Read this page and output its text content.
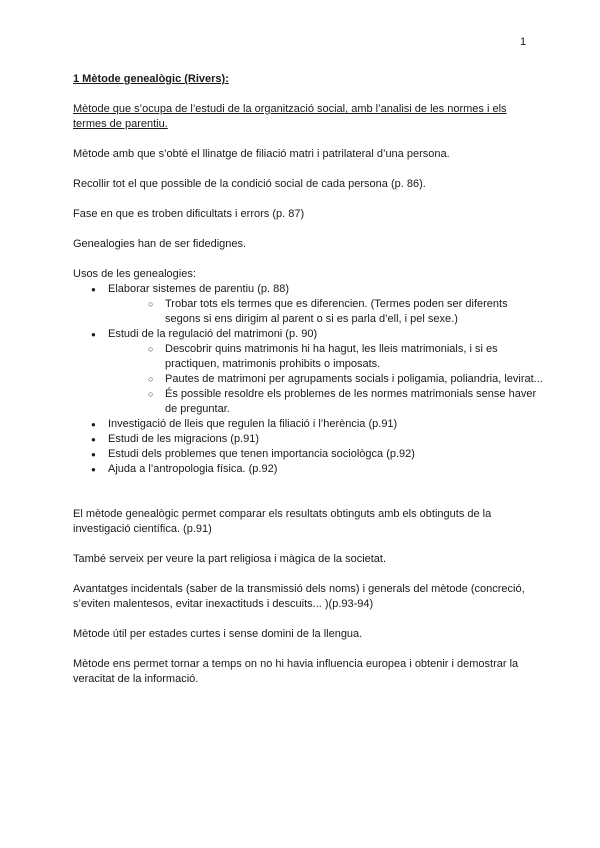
1

1 Mètode genealògic (Rivers):

Mètode que s’ocupa de l’estudi de la organització social, amb l’analisi de les normes i els termes de parentiu.

Mètode amb que s’obté el llinatge de filiació matri i patrilateral d’una persona.

Recollir tot el que possible de la condició social de cada persona (p. 86).

Fase en que es troben dificultats i errors (p. 87)

Genealogies han de ser fidedignes.

Usos de les genealogies:

● Elaborar sistemes de parentiu (p. 88)
○ Trobar tots els termes que es diferencien. (Termes poden ser diferents segons si ens dirigim al parent o si es parla d’ell, i pel sexe.)
● Estudi de la regulació del matrimoni (p. 90)
○ Descobrir quins matrimonis hi ha hagut, les lleis matrimonials, i si es practiquen, matrimonis prohibits o imposats.
○ Pautes de matrimoni per agrupaments socials i poligamia, poliandria, levirat...
○ És possible resoldre els problemes de les normes matrimonials sense haver de preguntar.
● Investigació de lleis que regulen la filiació i l’herència (p.91)
● Estudi de les migracions (p.91)
● Estudi dels problemes que tenen importancia sociològca (p.92)
● Ajuda a l’antropologia física. (p.92)

El mètode genealògic permet comparar els resultats obtinguts amb els obtinguts de la investigació científica. (p.91)

També serveix per veure la part religiosa i màgica de la societat.

Avantatges incidentals (saber de la transmissió dels noms) i generals del mètode (concreció, s’eviten malentesos, evitar inexactituds i descuits... )(p.93-94)

Mètode útil per estades curtes i sense domini de la llengua.

Mètode ens permet tornar a temps on no hi havia influencia europea i obtenir i demostrar la veracitat de la informació.
